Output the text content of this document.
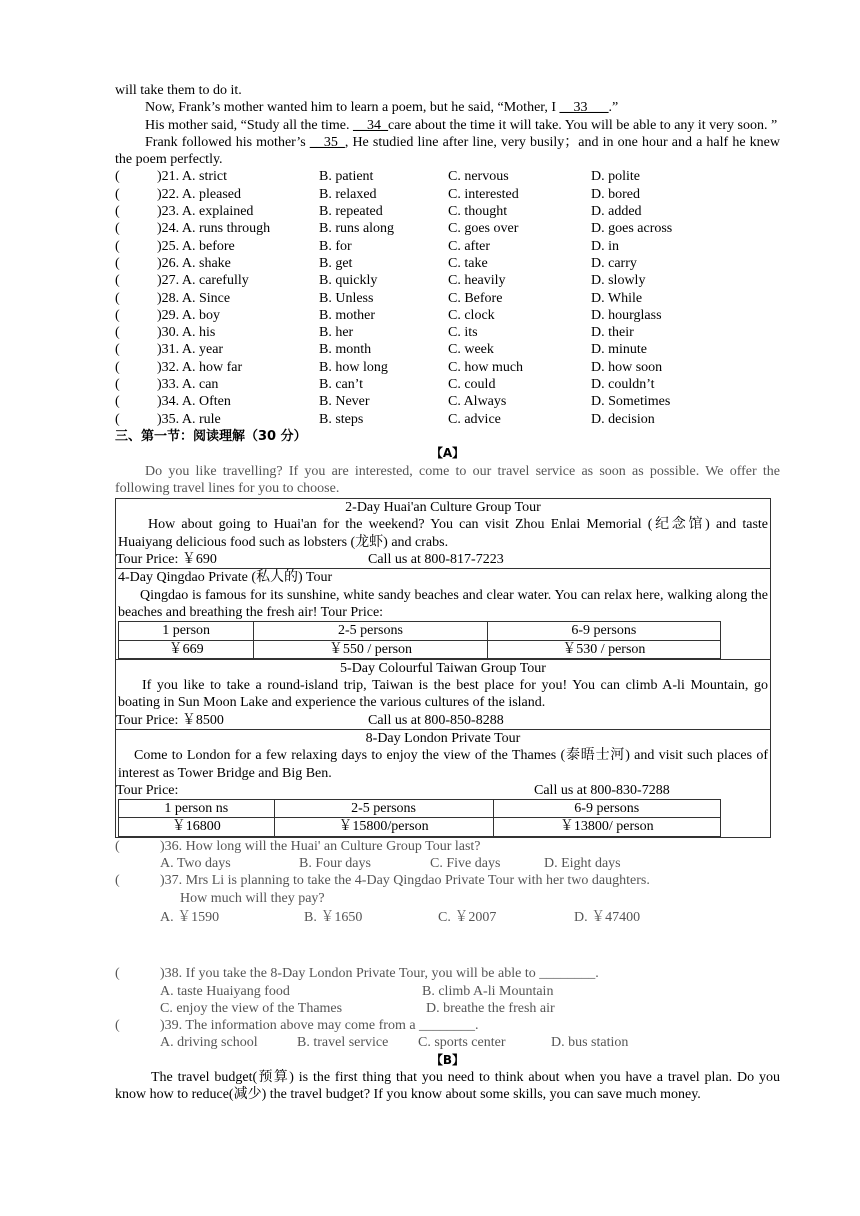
will take them to do it.

Now, Frank’s mother wanted him to learn a poem, but he said, “Mother, I __33___.”

His mother said, “Study all the time. __34_care about the time it will take. You will be able to any it very soon. ”

Frank followed his mother’s __35_, He studied line after line, very busily；and in one hour and a half he knew the poem perfectly.

(	)21. A. strict	B. patient	C. nervous	D. polite
(	)22. A. pleased	B. relaxed	C. interested	D. bored
(	)23. A. explained	B. repeated	C. thought	D. added
(	)24. A. runs through	B. runs along	C. goes over	D. goes across
(	)25. A. before	B. for	C. after	D. in
(	)26. A. shake	B. get	C. take	D. carry
(	)27. A. carefully	B. quickly	C. heavily	D. slowly
(	)28. A. Since	B. Unless	C. Before	D. While
(	)29. A. boy	B. mother	C. clock	D. hourglass
(	)30. A. his	B. her	C. its	D. their
(	)31. A. year	B. month	C. week	D. minute
(	)32. A. how far	B. how long	C. how much	D. how soon
(	)33. A. can	B. can’t	C. could	D. couldn’t
(	)34. A. Often	B. Never	C. Always	D. Sometimes
(	)35. A. rule	B. steps	C. advice	D. decision

三、第一节：阅读理解（30 分）

【A】

Do you like travelling? If you are interested, come to our travel service as soon as possible. We offer the following travel lines for you to choose.

2-Day Huai'an Culture Group Tour

How about going to Huai'an for the weekend? You can visit Zhou Enlai Memorial (纪念馆) and taste Huaiyang delicious food such as lobsters (龙虾) and crabs.

Tour Price: ￥690	Call us at 800-817-7223

4-Day Qingdao Private (私人的) Tour

Qingdao is famous for its sunshine, white sandy beaches and clear water. You can relax here, walking along the beaches and breathing the fresh air! Tour Price:

1 person	2-5 persons	6-9 persons
￥669	￥550 / person	￥530 / person

5-Day Colourful Taiwan Group Tour

If you like to take a round-island trip, Taiwan is the best place for you! You can climb A-li Mountain, go boating in Sun Moon Lake and experience the various cultures of the island.

Tour Price: ￥8500	Call us at 800-850-8288

8-Day London Private Tour

Come to London for a few relaxing days to enjoy the view of the Thames (泰晤士河) and visit such places of interest as Tower Bridge and Big Ben.

Tour Price:	Call us at 800-830-7288
1 person ns	2-5 persons	6-9 persons
￥16800	￥15800/person	￥13800/ person
(	)36. How long will the Huai' an Culture Group Tour last?
A. Two days	B. Four days	C. Five days	D. Eight days
(	)37. Mrs Li is planning to take the 4-Day Qingdao Private Tour with her two daughters.

How much will they pay?

A. ￥1590	B. ￥1650	C. ￥2007	D. ￥47400
(	)38. If you take the 8-Day London Private Tour, you will be able to ________.
A. taste Huaiyang food	B. climb A-li Mountain
C. enjoy the view of the Thames	D. breathe the fresh air
(	)39. The information above may come from a ________.
A. driving school	B. travel service	C. sports center	D. bus station

【B】

The travel budget(预算) is the first thing that you need to think about when you have a travel plan. Do you know how to reduce(减少) the travel budget? If you know about some skills, you can save much money.
